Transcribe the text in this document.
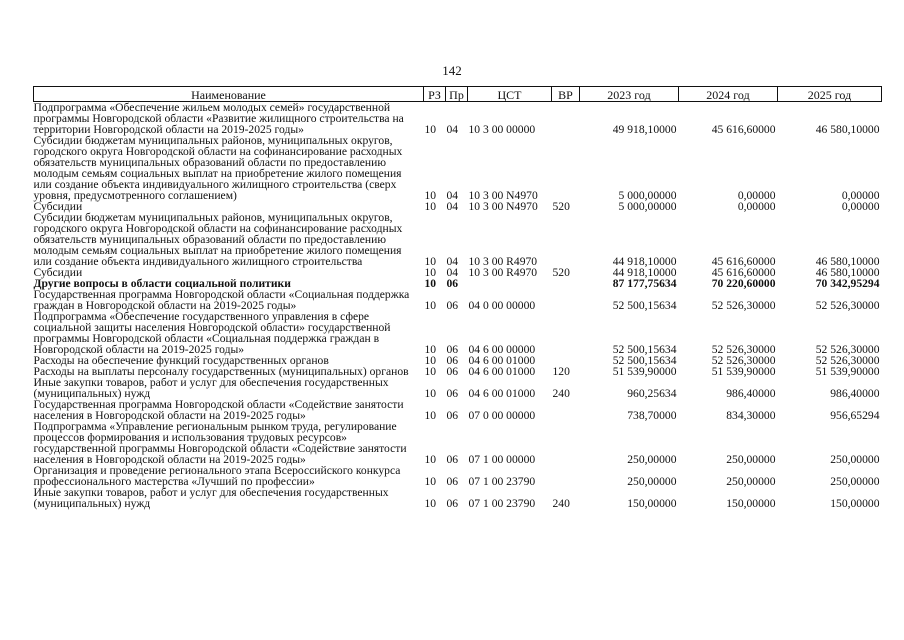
142
Наименование	РЗ	Пр	ЦСТ	ВР	2023 год	2024 год	2025 год
Подпрограмма «Обеспечение жильем молодых семей» государственной программы Новгородской области «Развитие жилищного строительства на территории Новгородской области на 2019-2025 годы»	10	04	10 3 00 00000		49 918,10000	45 616,60000	46 580,10000
Субсидии бюджетам муниципальных районов, муниципальных округов, городского округа Новгородской области на софинансирование расходных обязательств муниципальных образований области по предоставлению молодым семьям социальных выплат на приобретение жилого помещения или создание объекта индивидуального жилищного строительства (сверх уровня, предусмотренного соглашением)	10	04	10 3 00 N4970		5 000,00000	0,00000	0,00000
Субсидии	10	04	10 3 00 N4970	520	5 000,00000	0,00000	0,00000
Субсидии бюджетам муниципальных районов, муниципальных округов, городского округа Новгородской области на софинансирование расходных обязательств муниципальных образований области по предоставлению молодым семьям социальных выплат на приобретение жилого помещения или создание объекта индивидуального жилищного строительства	10	04	10 3 00 R4970		44 918,10000	45 616,60000	46 580,10000
Субсидии	10	04	10 3 00 R4970	520	44 918,10000	45 616,60000	46 580,10000
Другие вопросы в области социальной политики	10	06			87 177,75634	70 220,60000	70 342,95294
Государственная программа Новгородской области «Социальная поддержка граждан в Новгородской области на 2019-2025 годы»	10	06	04 0 00 00000		52 500,15634	52 526,30000	52 526,30000
Подпрограмма «Обеспечение государственного управления в сфере социальной защиты населения Новгородской области» государственной программы Новгородской области «Социальная поддержка граждан в Новгородской области на 2019-2025 годы»	10	06	04 6 00 00000		52 500,15634	52 526,30000	52 526,30000
Расходы на обеспечение функций государственных органов	10	06	04 6 00 01000		52 500,15634	52 526,30000	52 526,30000
Расходы на выплаты персоналу государственных (муниципальных) органов	10	06	04 6 00 01000	120	51 539,90000	51 539,90000	51 539,90000
Иные закупки товаров, работ и услуг для обеспечения государственных (муниципальных) нужд	10	06	04 6 00 01000	240	960,25634	986,40000	986,40000
Государственная программа Новгородской области «Содействие занятости населения в Новгородской области на 2019-2025 годы»	10	06	07 0 00 00000		738,70000	834,30000	956,65294
Подпрограмма «Управление региональным рынком труда, регулирование процессов формирования и использования трудовых ресурсов» государственной программы Новгородской области «Содействие занятости населения в Новгородской области на 2019-2025 годы»	10	06	07 1 00 00000		250,00000	250,00000	250,00000
Организация и проведение регионального этапа Всероссийского конкурса профессионального мастерства «Лучший по профессии»	10	06	07 1 00 23790		250,00000	250,00000	250,00000
Иные закупки товаров, работ и услуг для обеспечения государственных (муниципальных) нужд	10	06	07 1 00 23790	240	150,00000	150,00000	150,00000
